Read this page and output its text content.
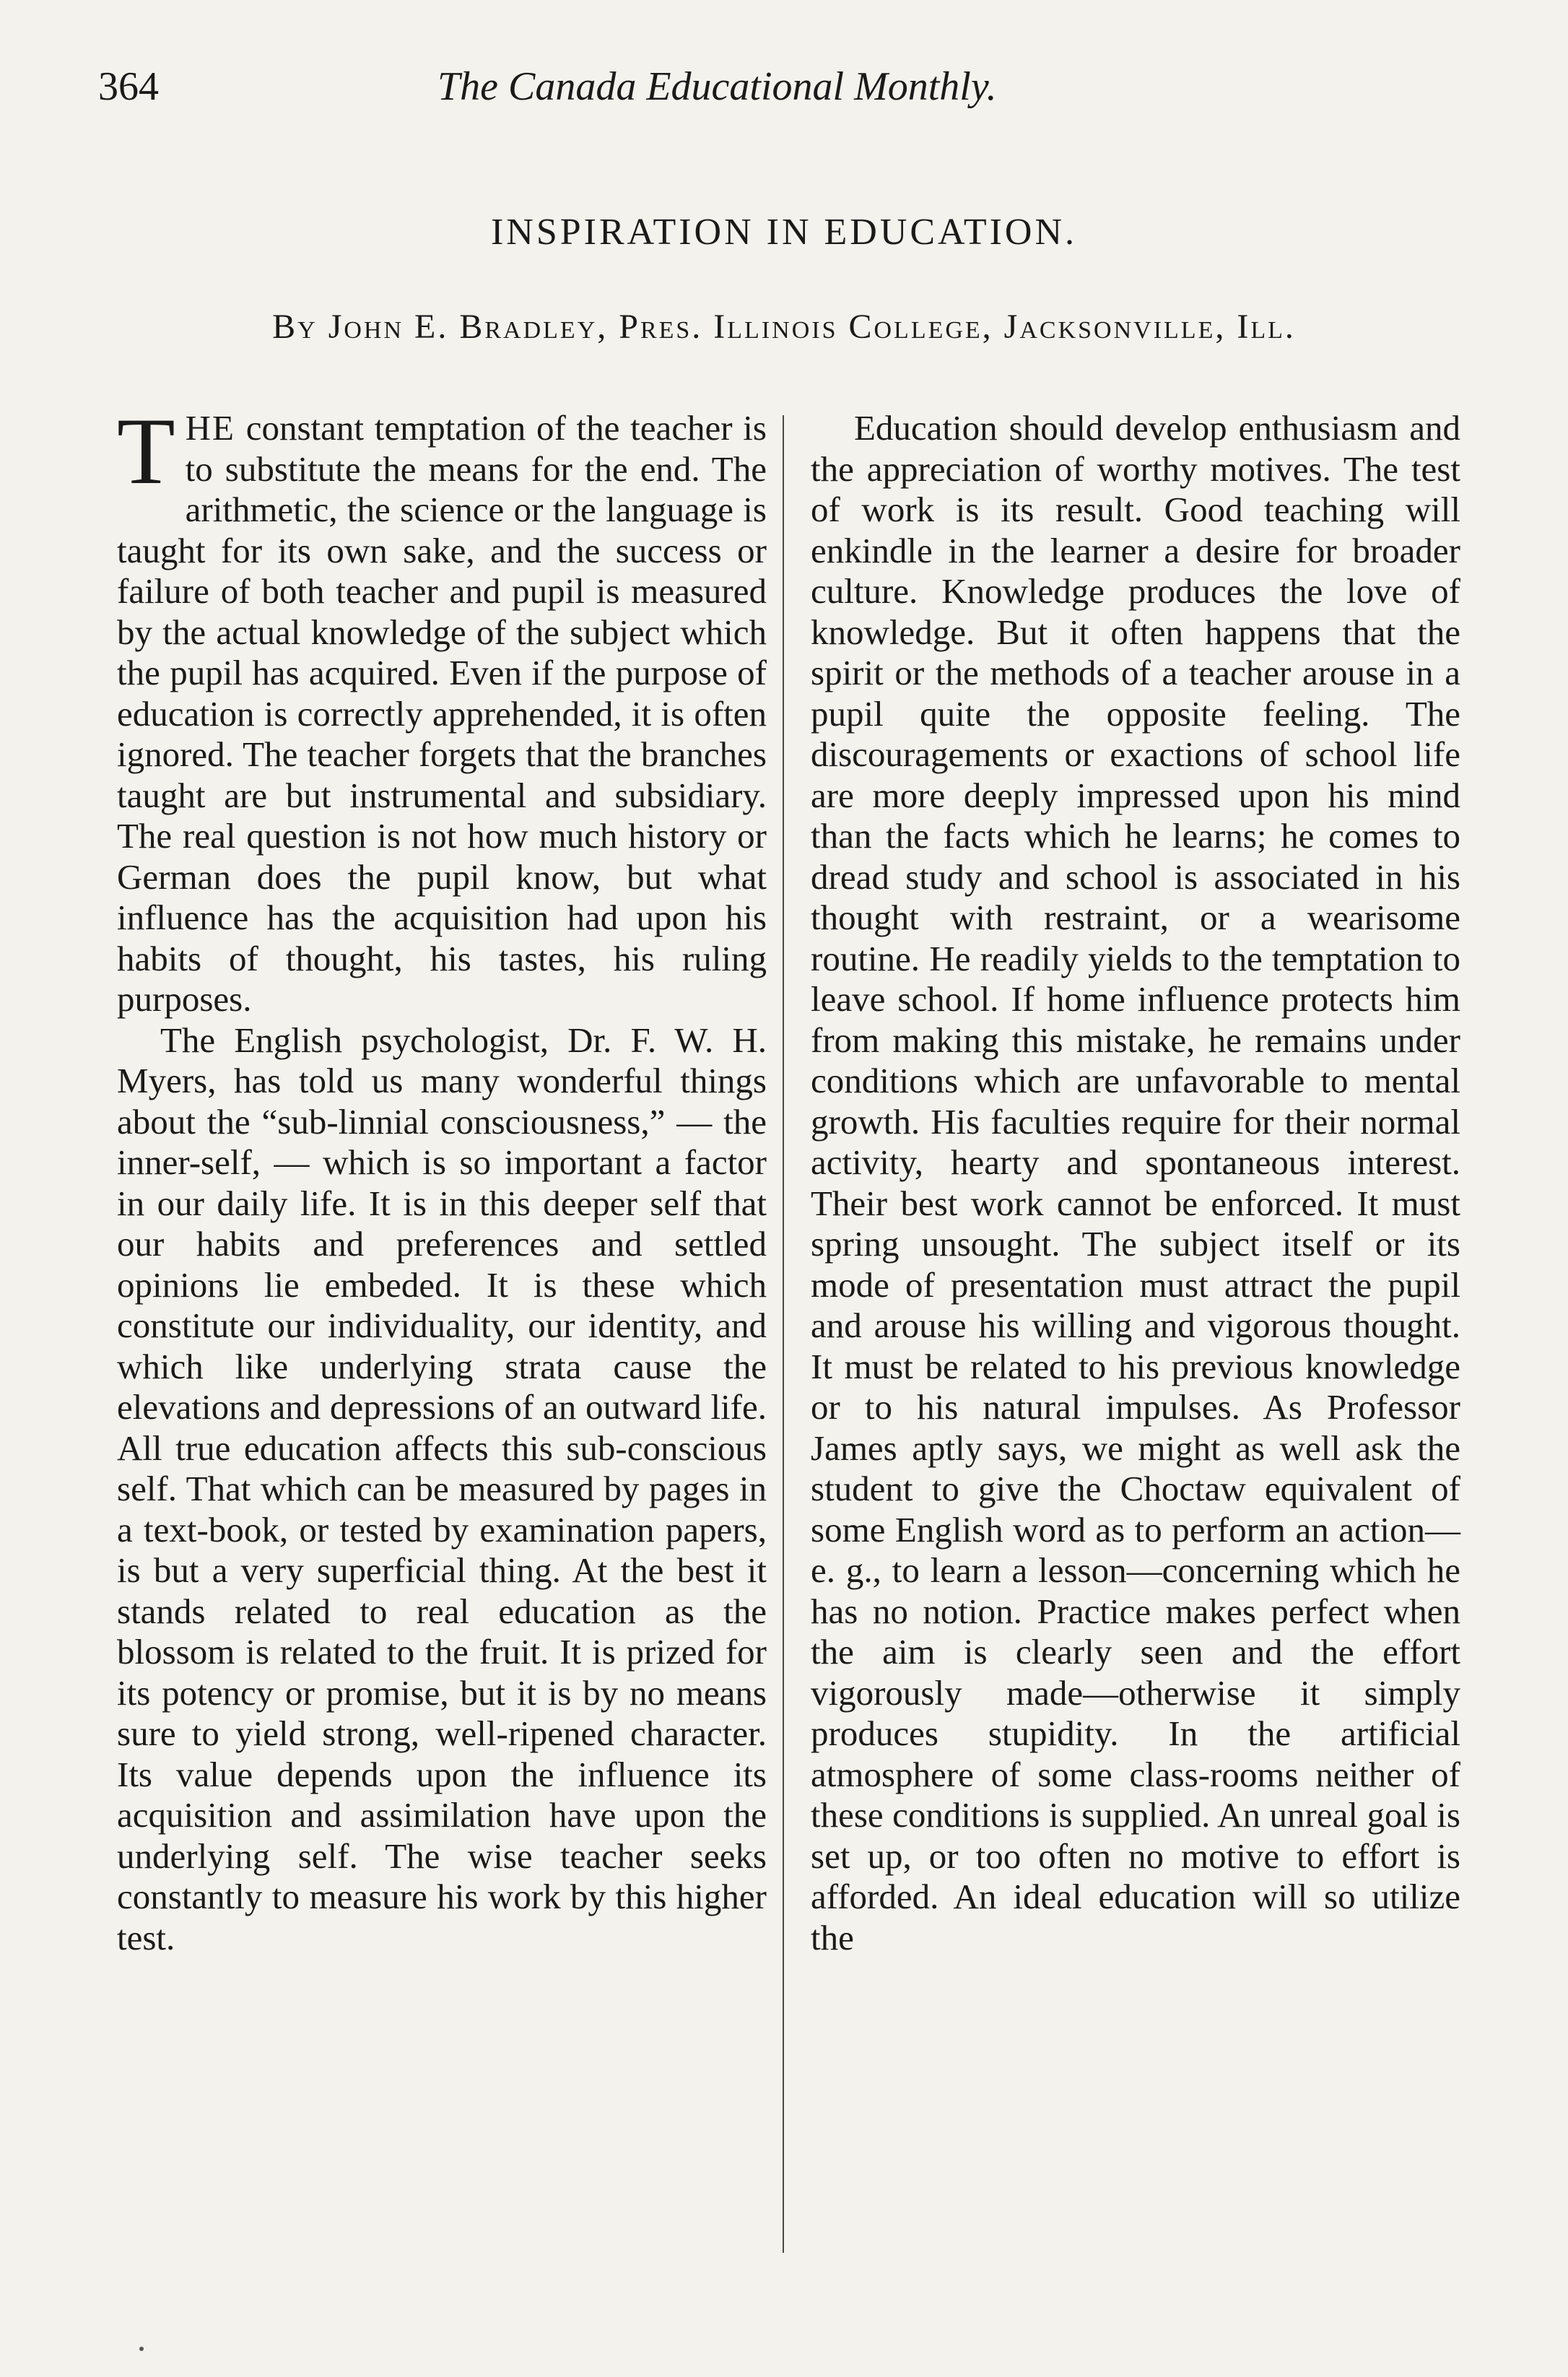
364	The Canada Educational Monthly.
INSPIRATION IN EDUCATION.
By John E. Bradley, Pres. Illinois College, Jacksonville, Ill.

THE constant temptation of the teacher is to substitute the means for the end. The arithmetic, the science or the language is taught for its own sake, and the success or failure of both teacher and pupil is measured by the actual knowledge of the subject which the pupil has acquired. Even if the purpose of education is correctly apprehended, it is often ignored. The teacher forgets that the branches taught are but instrumental and subsidiary. The real question is not how much history or German does the pupil know, but what influence has the acquisition had upon his habits of thought, his tastes, his ruling purposes.

The English psychologist, Dr. F. W. H. Myers, has told us many wonderful things about the “sub-linnial consciousness,” — the inner-self, — which is so important a factor in our daily life. It is in this deeper self that our habits and preferences and settled opinions lie embeded. It is these which constitute our individuality, our identity, and which like underlying strata cause the elevations and depressions of an outward life. All true education affects this sub-conscious self. That which can be measured by pages in a text-book, or tested by examination papers, is but a very superficial thing. At the best it stands related to real education as the blossom is related to the fruit. It is prized for its potency or promise, but it is by no means sure to yield strong, well-ripened character. Its value depends upon the influence its acquisition and assimilation have upon the underlying self. The wise teacher seeks constantly to measure his work by this higher test.

Education should develop enthusiasm and the appreciation of worthy motives. The test of work is its result. Good teaching will enkindle in the learner a desire for broader culture. Knowledge produces the love of knowledge. But it often happens that the spirit or the methods of a teacher arouse in a pupil quite the opposite feeling. The discouragements or exactions of school life are more deeply impressed upon his mind than the facts which he learns; he comes to dread study and school is associated in his thought with restraint, or a wearisome routine. He readily yields to the temptation to leave school. If home influence protects him from making this mistake, he remains under conditions which are unfavorable to mental growth. His faculties require for their normal activity, hearty and spontaneous interest. Their best work cannot be enforced. It must spring unsought. The subject itself or its mode of presentation must attract the pupil and arouse his willing and vigorous thought. It must be related to his previous knowledge or to his natural impulses. As Professor James aptly says, we might as well ask the student to give the Choctaw equivalent of some English word as to perform an action—e. g., to learn a lesson—concerning which he has no notion. Practice makes perfect when the aim is clearly seen and the effort vigorously made—otherwise it simply produces stupidity. In the artificial atmosphere of some class-rooms neither of these conditions is supplied. An unreal goal is set up, or too often no motive to effort is afforded. An ideal education will so utilize the
